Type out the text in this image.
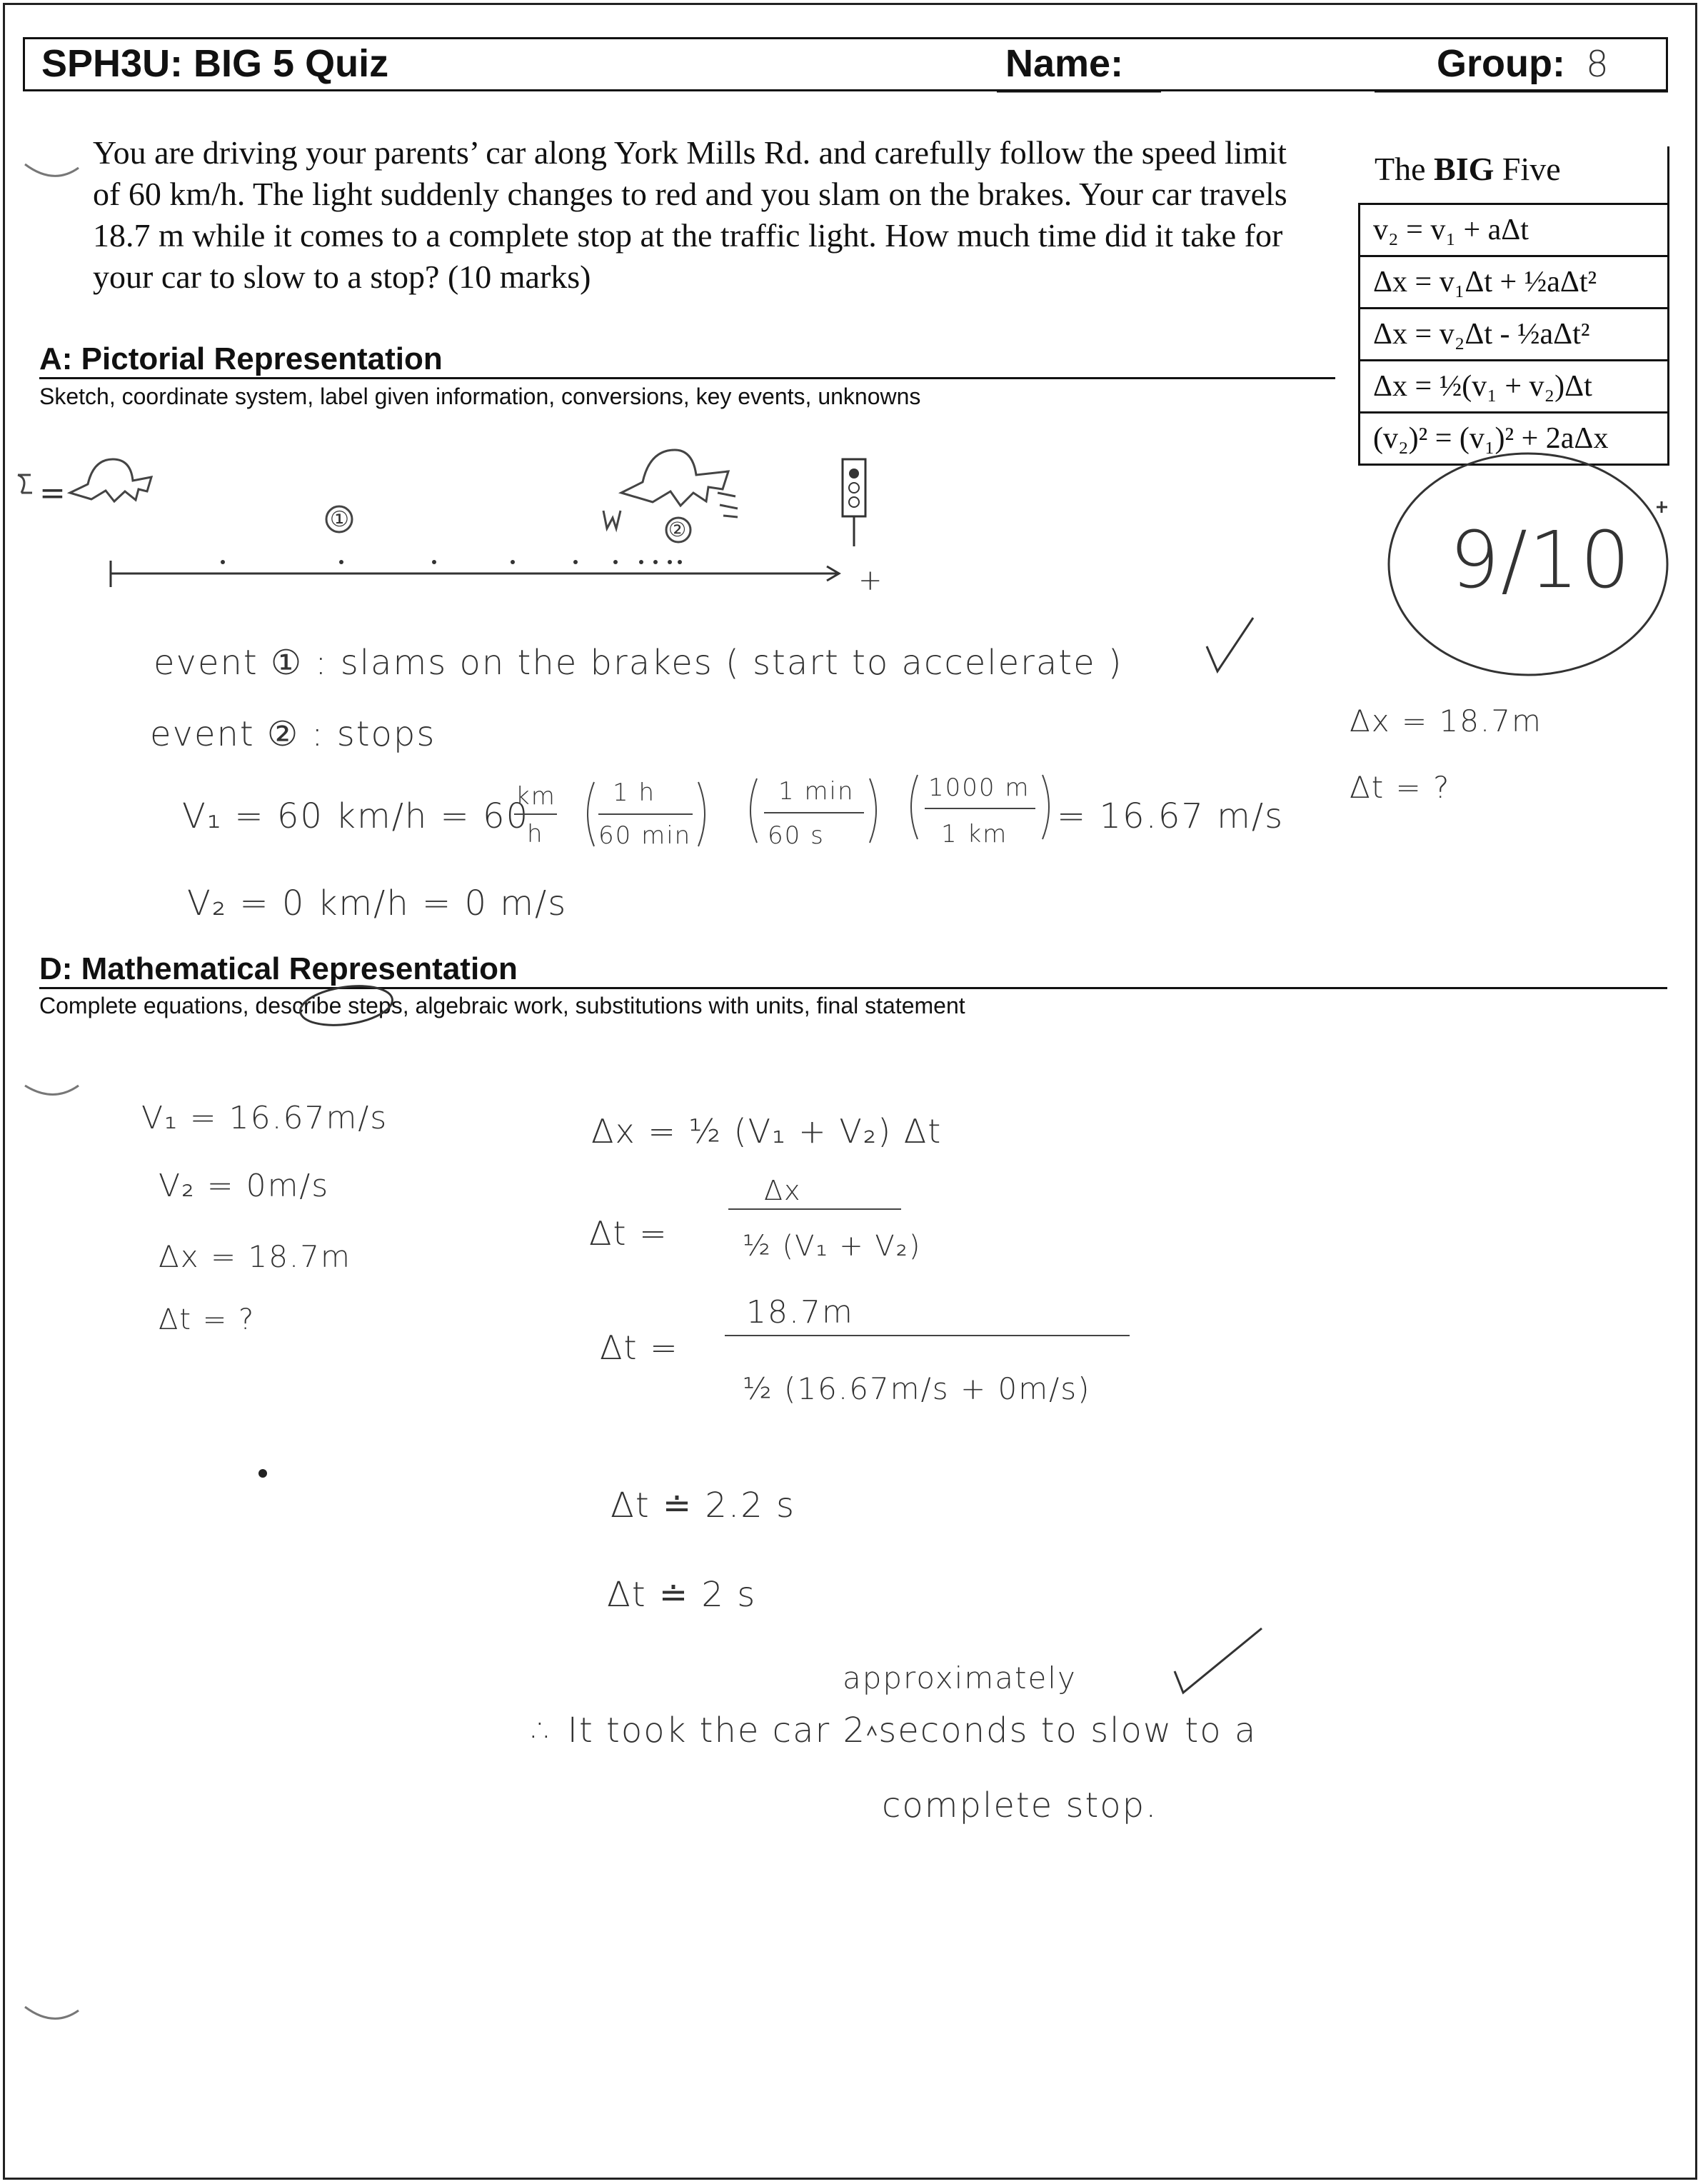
SPH3U: BIG 5 Quiz	Name:	Group: 8
You are driving your parents’ car along York Mills Rd. and carefully follow the speed limit of 60 km/h. The light suddenly changes to red and you slam on the brakes. Your car travels 18.7 m while it comes to a complete stop at the traffic light. How much time did it take for your car to slow to a stop? (10 marks)
The BIG Five
v₂ = v₁ + aΔt
Δx = v₁Δt + ½aΔt²
Δx = v₂Δt - ½aΔt²
Δx = ½(v₁ + v₂)Δt
(v₂)² = (v₁)² + 2aΔx
9/10
A: Pictorial Representation
Sketch, coordinate system, label given information, conversions, key events, unknowns
①	②
+
event ① : slams on the brakes ( start to accelerate )
event ② : stops
V₁ = 60 km/h = 60
km
h
1 h
60 min
1 min
60 s
1000 m
1 km = 16.67 m/s
V₂ = 0 km/h = 0 m/s
Δx = 18.7m
Δt = ?
D: Mathematical Representation
Complete equations, describe steps, algebraic work, substitutions with units, final statement
V₁ = 16.67m/s
V₂ = 0m/s
Δx = 18.7m
Δt = ?
Δx = ½ (V₁ + V₂) Δt
Δt =
Δx
½ (V₁ + V₂)
Δt =
18.7m
½ (16.67m/s + 0m/s)
Δt ≐ 2.2 s
Δt ≐ 2 s
approximately
∴ It took the car 2 seconds to slow to a
complete stop.
=
